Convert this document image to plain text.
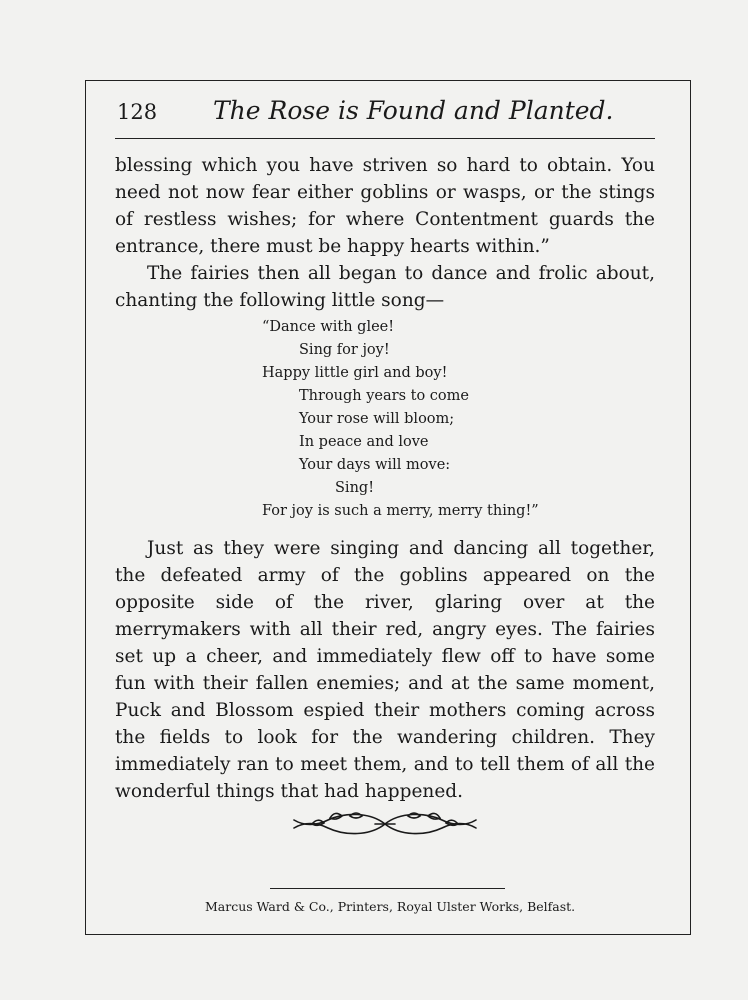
128 The Rose is Found and Planted.

blessing which you have striven so hard to obtain. You need not now fear either goblins or wasps, or the stings of restless wishes; for where Contentment guards the entrance, there must be happy hearts within.”

The fairies then all began to dance and frolic about, chanting the following little song—

“Dance with glee!
Sing for joy!
Happy little girl and boy!
Through years to come
Your rose will bloom;
In peace and love
Your days will move:
Sing!
For joy is such a merry, merry thing!”

Just as they were singing and dancing all together, the defeated army of the goblins appeared on the opposite side of the river, glaring over at the merrymakers with all their red, angry eyes. The fairies set up a cheer, and immediately flew off to have some fun with their fallen enemies; and at the same moment, Puck and Blossom espied their mothers coming across the fields to look for the wandering children. They immediately ran to meet them, and to tell them of all the wonderful things that had happened.

Marcus Ward & Co., Printers, Royal Ulster Works, Belfast.
